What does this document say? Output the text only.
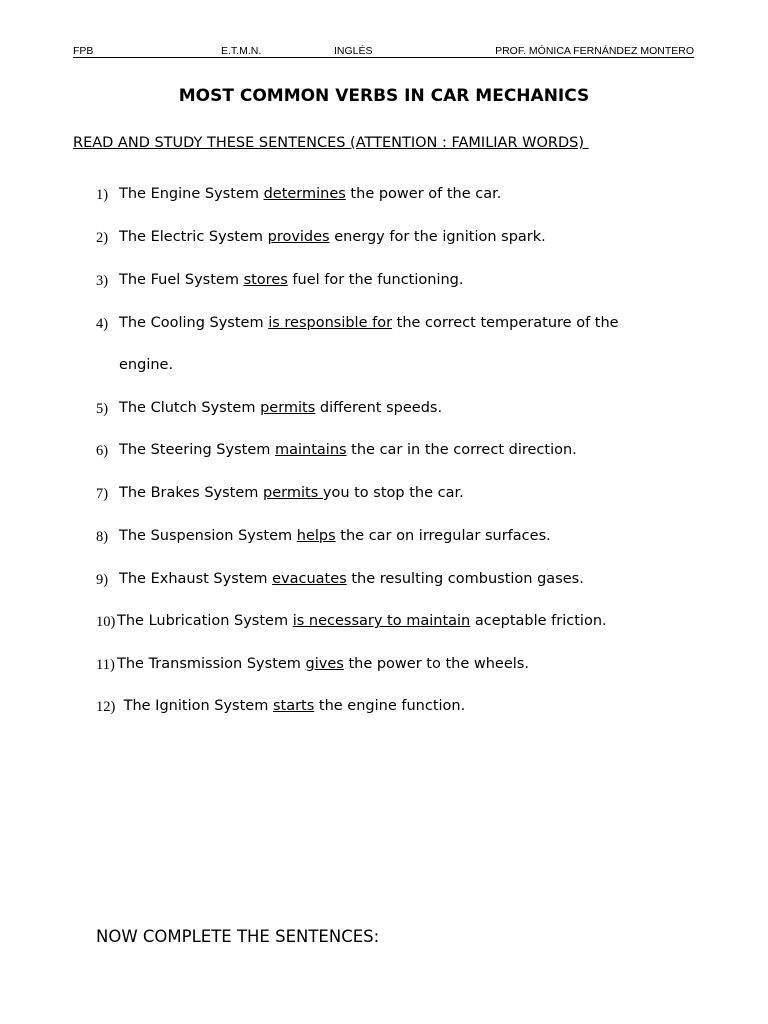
FPB	E.T.M.N.	INGLÉS	PROF. MÓNICA FERNÁNDEZ MONTERO
MOST COMMON VERBS IN CAR MECHANICS
READ AND STUDY THESE SENTENCES (ATTENTION : FAMILIAR WORDS)
1) The Engine System determines the power of the car.
2) The Electric System provides energy for the ignition spark.
3) The Fuel System stores fuel for the functioning.
4) The Cooling System is responsible for the correct temperature of the
engine.
5) The Clutch System permits different speeds.
6) The Steering System maintains the car in the correct direction.
7) The Brakes System permits you to stop the car.
8) The Suspension System helps the car on irregular surfaces.
9) The Exhaust System evacuates the resulting combustion gases.
10) The Lubrication System is necessary to maintain aceptable friction.
11) The Transmission System gives the power to the wheels.
12) The Ignition System starts the engine function.
NOW COMPLETE THE SENTENCES:
